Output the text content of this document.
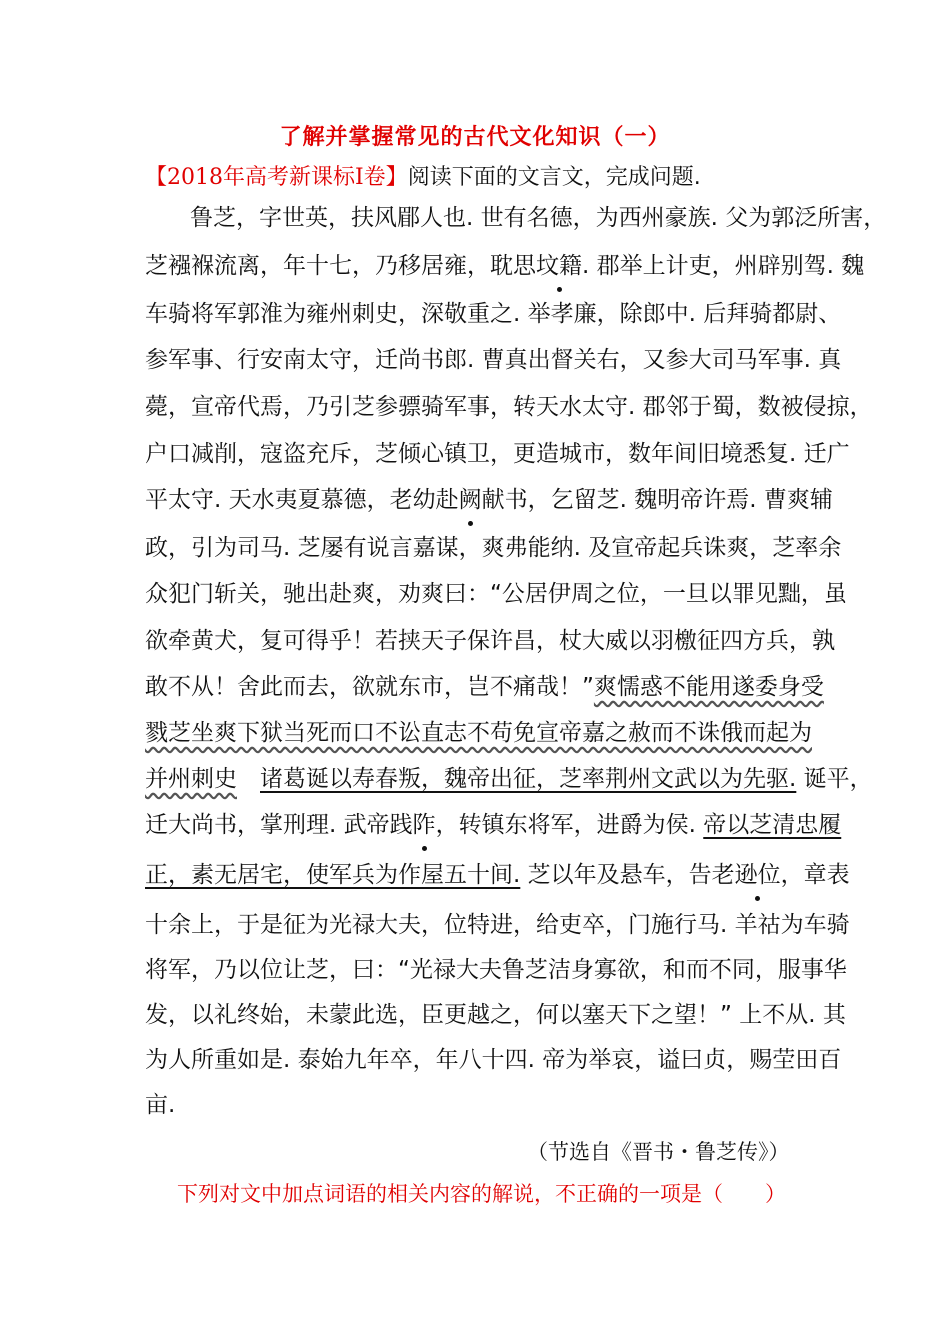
了解并掌握常见的古代文化知识（一）
【2018年高考新课标Ⅰ卷】阅读下面的文言文，完成问题.
鲁芝，字世英，扶风郿人也. 世有名德，为西州豪族. 父为郭泛所害，
芝襁褓流离，年十七，乃移居雍，耽思坟籍. 郡举上计吏，州辟别驾. 魏
车骑将军郭淮为雍州刺史，深敬重之. 举孝廉，除郎中. 后拜骑都尉、
参军事、行安南太守，迁尚书郎. 曹真出督关右，又参大司马军事. 真
薨，宣帝代焉，乃引芝参骠骑军事，转天水太守. 郡邻于蜀，数被侵掠，
户口减削，寇盗充斥，芝倾心镇卫，更造城市，数年间旧境悉复. 迁广
平太守. 天水夷夏慕德，老幼赴阙献书，乞留芝. 魏明帝许焉. 曹爽辅
政，引为司马. 芝屡有说言嘉谋，爽弗能纳. 及宣帝起兵诛爽，芝率余
众犯门斩关，驰出赴爽，劝爽曰：“公居伊周之位，一旦以罪见黜，虽
欲牵黄犬，复可得乎！若挟天子保许昌，杖大威以羽檄征四方兵，孰
敢不从！舍此而去，欲就东市，岂不痛哉！”爽懦惑不能用遂委身受
戮芝坐爽下狱当死而口不讼直志不苟免宣帝嘉之赦而不诛俄而起为
并州刺史　 诸葛诞以寿春叛，魏帝出征，芝率荆州文武以为先驱. 诞平，
迁大尚书，掌刑理. 武帝践阼，转镇东将军，进爵为侯. 帝以芝清忠履
正，素无居宅，使军兵为作屋五十间. 芝以年及悬车，告老逊位，章表
十余上，于是征为光禄大夫，位特进，给吏卒，门施行马. 羊祜为车骑
将军，乃以位让芝，曰：“光禄大夫鲁芝洁身寡欲，和而不同，服事华
发，以礼终始，未蒙此选，臣更越之，何以塞天下之望！” 上不从. 其
为人所重如是. 泰始九年卒，年八十四. 帝为举哀，谥曰贞，赐茔田百
亩.
（节选自《晋书・鲁芝传》）
下列对文中加点词语的相关内容的解说，不正确的一项是（　　）
